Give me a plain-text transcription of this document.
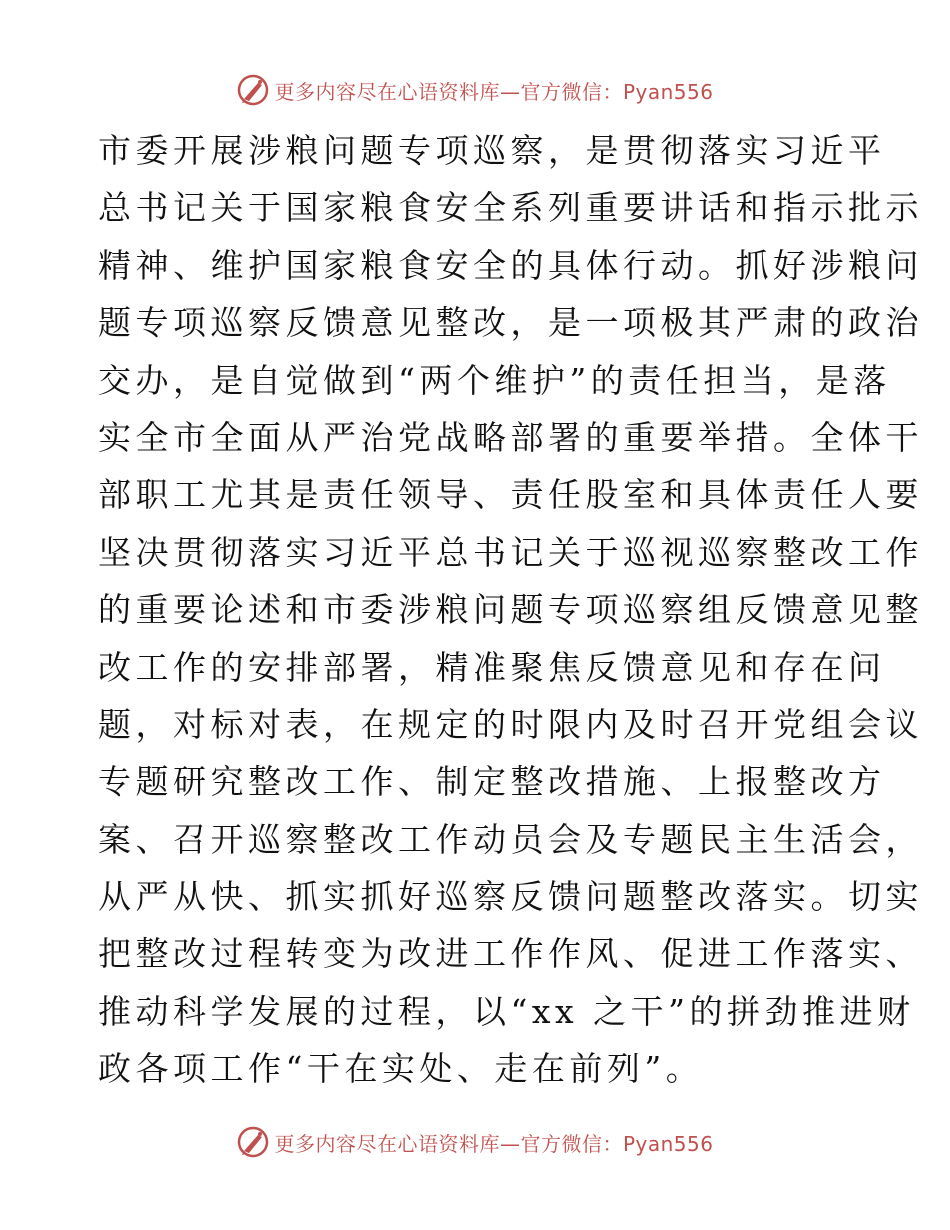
更多内容尽在心语资料库—官方微信：Pyan556
市委开展涉粮问题专项巡察，是贯彻落实习近平
总书记关于国家粮食安全系列重要讲话和指示批示
精神、维护国家粮食安全的具体行动。抓好涉粮问
题专项巡察反馈意见整改，是一项极其严肃的政治
交办，是自觉做到“两个维护”的责任担当，是落
实全市全面从严治党战略部署的重要举措。全体干
部职工尤其是责任领导、责任股室和具体责任人要
坚决贯彻落实习近平总书记关于巡视巡察整改工作
的重要论述和市委涉粮问题专项巡察组反馈意见整
改工作的安排部署，精准聚焦反馈意见和存在问
题，对标对表，在规定的时限内及时召开党组会议
专题研究整改工作、制定整改措施、上报整改方
案、召开巡察整改工作动员会及专题民主生活会，
从严从快、抓实抓好巡察反馈问题整改落实。切实
把整改过程转变为改进工作作风、促进工作落实、
推动科学发展的过程，以“xx 之干”的拼劲推进财
政各项工作“干在实处、走在前列”。
更多内容尽在心语资料库—官方微信：Pyan556
